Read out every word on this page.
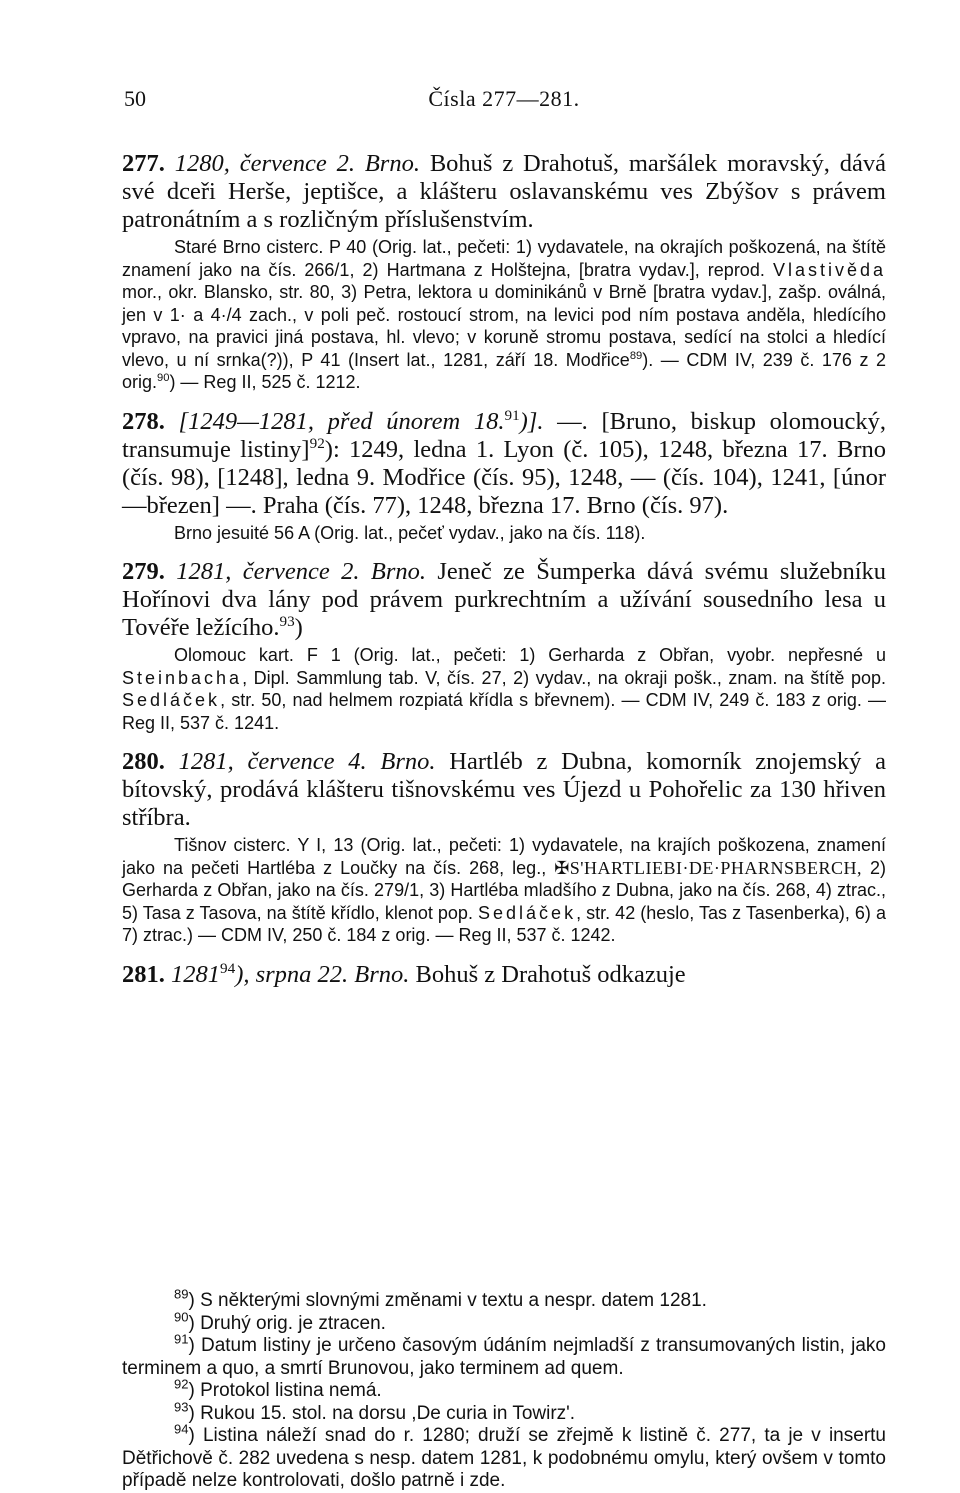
50	Čísla 277—281.

277. 1280, července 2. Brno. Bohuš z Drahotuš, maršálek moravský, dává své dceři Herše, jeptišce, a klášteru oslavanskému ves Zbýšov s právem patronátním a s rozličným příslušenstvím.

Staré Brno cisterc. P 40 (Orig. lat., pečeti: 1) vydavatele, na okrajích poškozená, na štítě znamení jako na čís. 266/1, 2) Hartmana z Holštejna, [bratra vydav.], reprod. Vlastivěda mor., okr. Blansko, str. 80, 3) Petra, lektora u dominikánů v Brně [bratra vydav.], zašp. oválná, jen v 1· a 4·/4 zach., v poli peč. rostoucí strom, na levici pod ním postava anděla, hledícího vpravo, na pravici jiná postava, hl. vlevo; v koruně stromu postava, sedící na stolci a hledící vlevo, u ní srnka(?)), P 41 (Insert lat., 1281, září 18. Modřice$^{89}$). — CDM IV, 239 č. 176 z 2 orig.$^{90}$) — Reg II, 525 č. 1212.

278. [1249—1281, před únorem 18.91)]. —. [Bruno, biskup olomoucký, transumuje listiny]$^{92}$): 1249, ledna 1. Lyon (č. 105), 1248, března 17. Brno (čís. 98), [1248], ledna 9. Modřice (čís. 95), 1248, — (čís. 104), 1241, [únor—březen] —. Praha (čís. 77), 1248, března 17. Brno (čís. 97).

Brno jesuité 56 A (Orig. lat., pečeť vydav., jako na čís. 118).

279. 1281, července 2. Brno. Jeneč ze Šumperka dává svému služebníku Hořínovi dva lány pod právem purkrechtním a užívání sousedního lesa u Tovéře ležícího.$^{93}$)

Olomouc kart. F 1 (Orig. lat., pečeti: 1) Gerharda z Obřan, vyobr. nepřesné u Steinbacha, Dipl. Sammlung tab. V, čís. 27, 2) vydav., na okraji pošk., znam. na štítě pop. Sedláček, str. 50, nad helmem rozpiatá křídla s břevnem). — CDM IV, 249 č. 183 z orig. — Reg II, 537 č. 1241.

280. 1281, července 4. Brno. Hartléb z Dubna, komorník znojemský a bítovský, prodává klášteru tišnovskému ves Újezd u Pohořelic za 130 hřiven stříbra.

Tišnov cisterc. Y I, 13 (Orig. lat., pečeti: 1) vydavatele, na krajích poškozena, znamení jako na pečeti Hartléba z Loučky na čís. 268, leg., ✠S'HARTLIEBI·DE·PHARNSBERCH, 2) Gerharda z Obřan, jako na čís. 279/1, 3) Hartléba mladšího z Dubna, jako na čís. 268, 4) ztrac., 5) Tasa z Tasova, na štítě křídlo, klenot pop. Sedláček, str. 42 (heslo, Tas z Tasenberka), 6) a 7) ztrac.) — CDM IV, 250 č. 184 z orig. — Reg II, 537 č. 1242.

281. 1281$^{94}$), srpna 22. Brno. Bohuš z Drahotuš odkazuje

$^{89}$) S některými slovnými změnami v textu a nespr. datem 1281.

$^{90}$) Druhý orig. je ztracen.

$^{91}$) Datum listiny je určeno časovým údáním nejmladší z transumovaných listin, jako terminem a quo, a smrtí Brunovou, jako terminem ad quem.

$^{92}$) Protokol listina nemá.

$^{93}$) Rukou 15. stol. na dorsu ,De curia in Towirz'.

$^{94}$) Listina náleží snad do r. 1280; druží se zřejmě k listině č. 277, ta je v insertu Dětřichově č. 282 uvedena s nesp. datem 1281, k podobnému omylu, který ovšem v tomto případě nelze kontrolovati, došlo patrně i zde.
